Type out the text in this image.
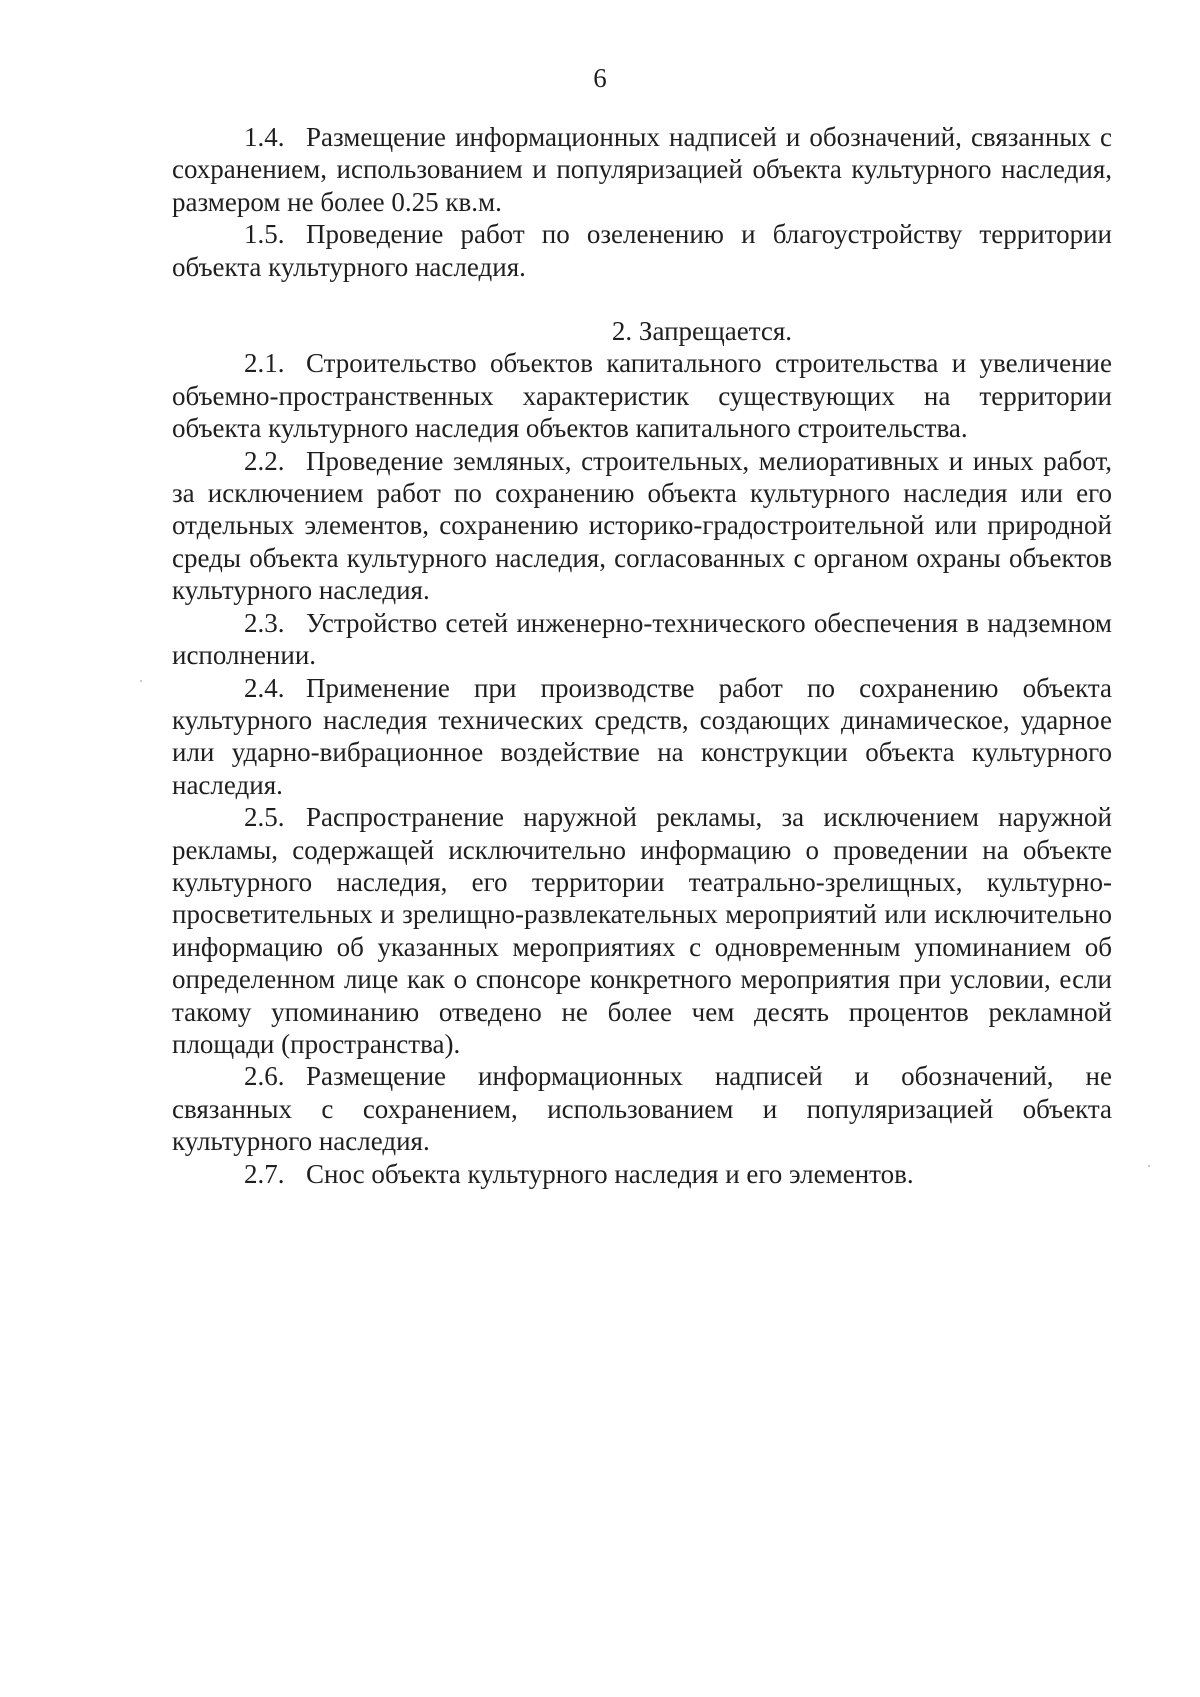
6

1.4. Размещение информационных надписей и обозначений, связанных с сохранением, использованием и популяризацией объекта культурного наследия, размером не более 0.25 кв.м.

1.5. Проведение работ по озеленению и благоустройству территории объекта культурного наследия.

2. Запрещается.

2.1. Строительство объектов капитального строительства и увеличение объемно-пространственных характеристик существующих на территории объекта культурного наследия объектов капитального строительства.

2.2. Проведение земляных, строительных, мелиоративных и иных работ, за исключением работ по сохранению объекта культурного наследия или его отдельных элементов, сохранению историко-градостроительной или природной среды объекта культурного наследия, согласованных с органом охраны объектов культурного наследия.

2.3. Устройство сетей инженерно-технического обеспечения в надземном исполнении.

2.4. Применение при производстве работ по сохранению объекта культурного наследия технических средств, создающих динамическое, ударное или ударно-вибрационное воздействие на конструкции объекта культурного наследия.

2.5. Распространение наружной рекламы, за исключением наружной рекламы, содержащей исключительно информацию о проведении на объекте культурного наследия, его территории театрально-зрелищных, культурно-просветительных и зрелищно-развлекательных мероприятий или исключительно информацию об указанных мероприятиях с одновременным упоминанием об определенном лице как о спонсоре конкретного мероприятия при условии, если такому упоминанию отведено не более чем десять процентов рекламной площади (пространства).

2.6. Размещение информационных надписей и обозначений, не связанных с сохранением, использованием и популяризацией объекта культурного наследия.

2.7. Снос объекта культурного наследия и его элементов.
